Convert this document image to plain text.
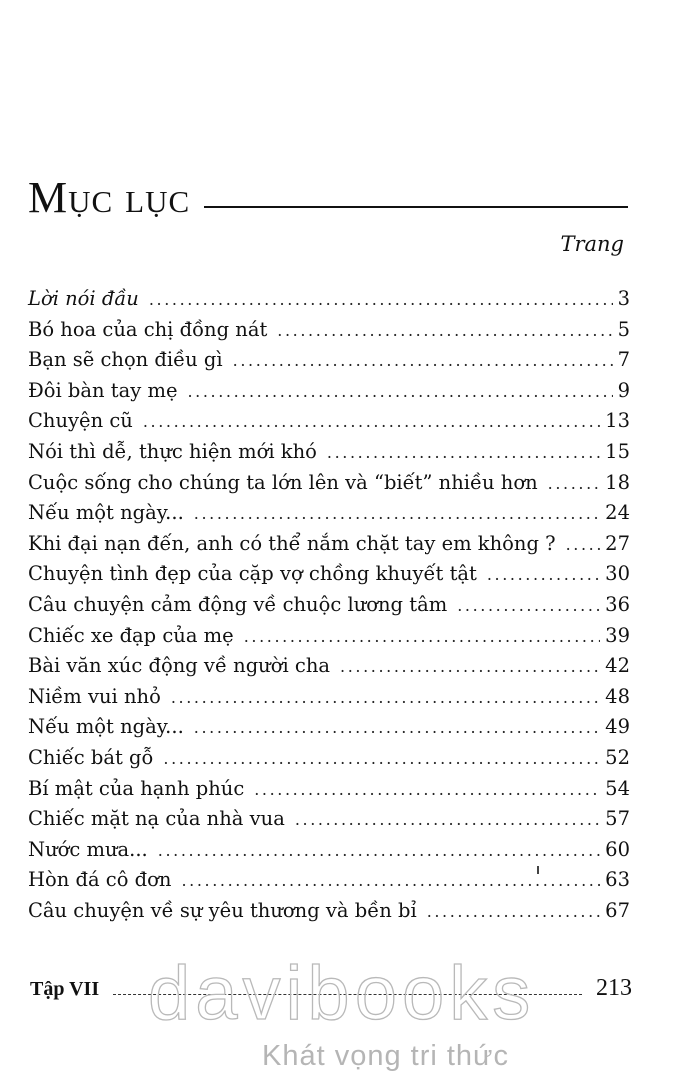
Mục lục
Trang
Lời nói đầu .....	3
Bó hoa của chị đồng nát .....	5
Bạn sẽ chọn điều gì .....	7
Đôi bàn tay mẹ .....	9
Chuyện cũ .....	13
Nói thì dễ, thực hiện mới khó .....	15
Cuộc sống cho chúng ta lớn lên và “biết” nhiều hơn .....	18
Nếu một ngày... .....	24
Khi đại nạn đến, anh có thể nắm chặt tay em không ? .....	27
Chuyện tình đẹp của cặp vợ chồng khuyết tật .....	30
Câu chuyện cảm động về chuộc lương tâm .....	36
Chiếc xe đạp của mẹ .....	39
Bài văn xúc động về người cha .....	42
Niềm vui nhỏ .....	48
Nếu một ngày... .....	49
Chiếc bát gỗ .....	52
Bí mật của hạnh phúc .....	54
Chiếc mặt nạ của nhà vua .....	57
Nước mưa... .....	60
Hòn đá cô đơn .....	63
Câu chuyện về sự yêu thương và bền bỉ .....	67
Tập VII	213
davibooks
Khát vọng tri thức
